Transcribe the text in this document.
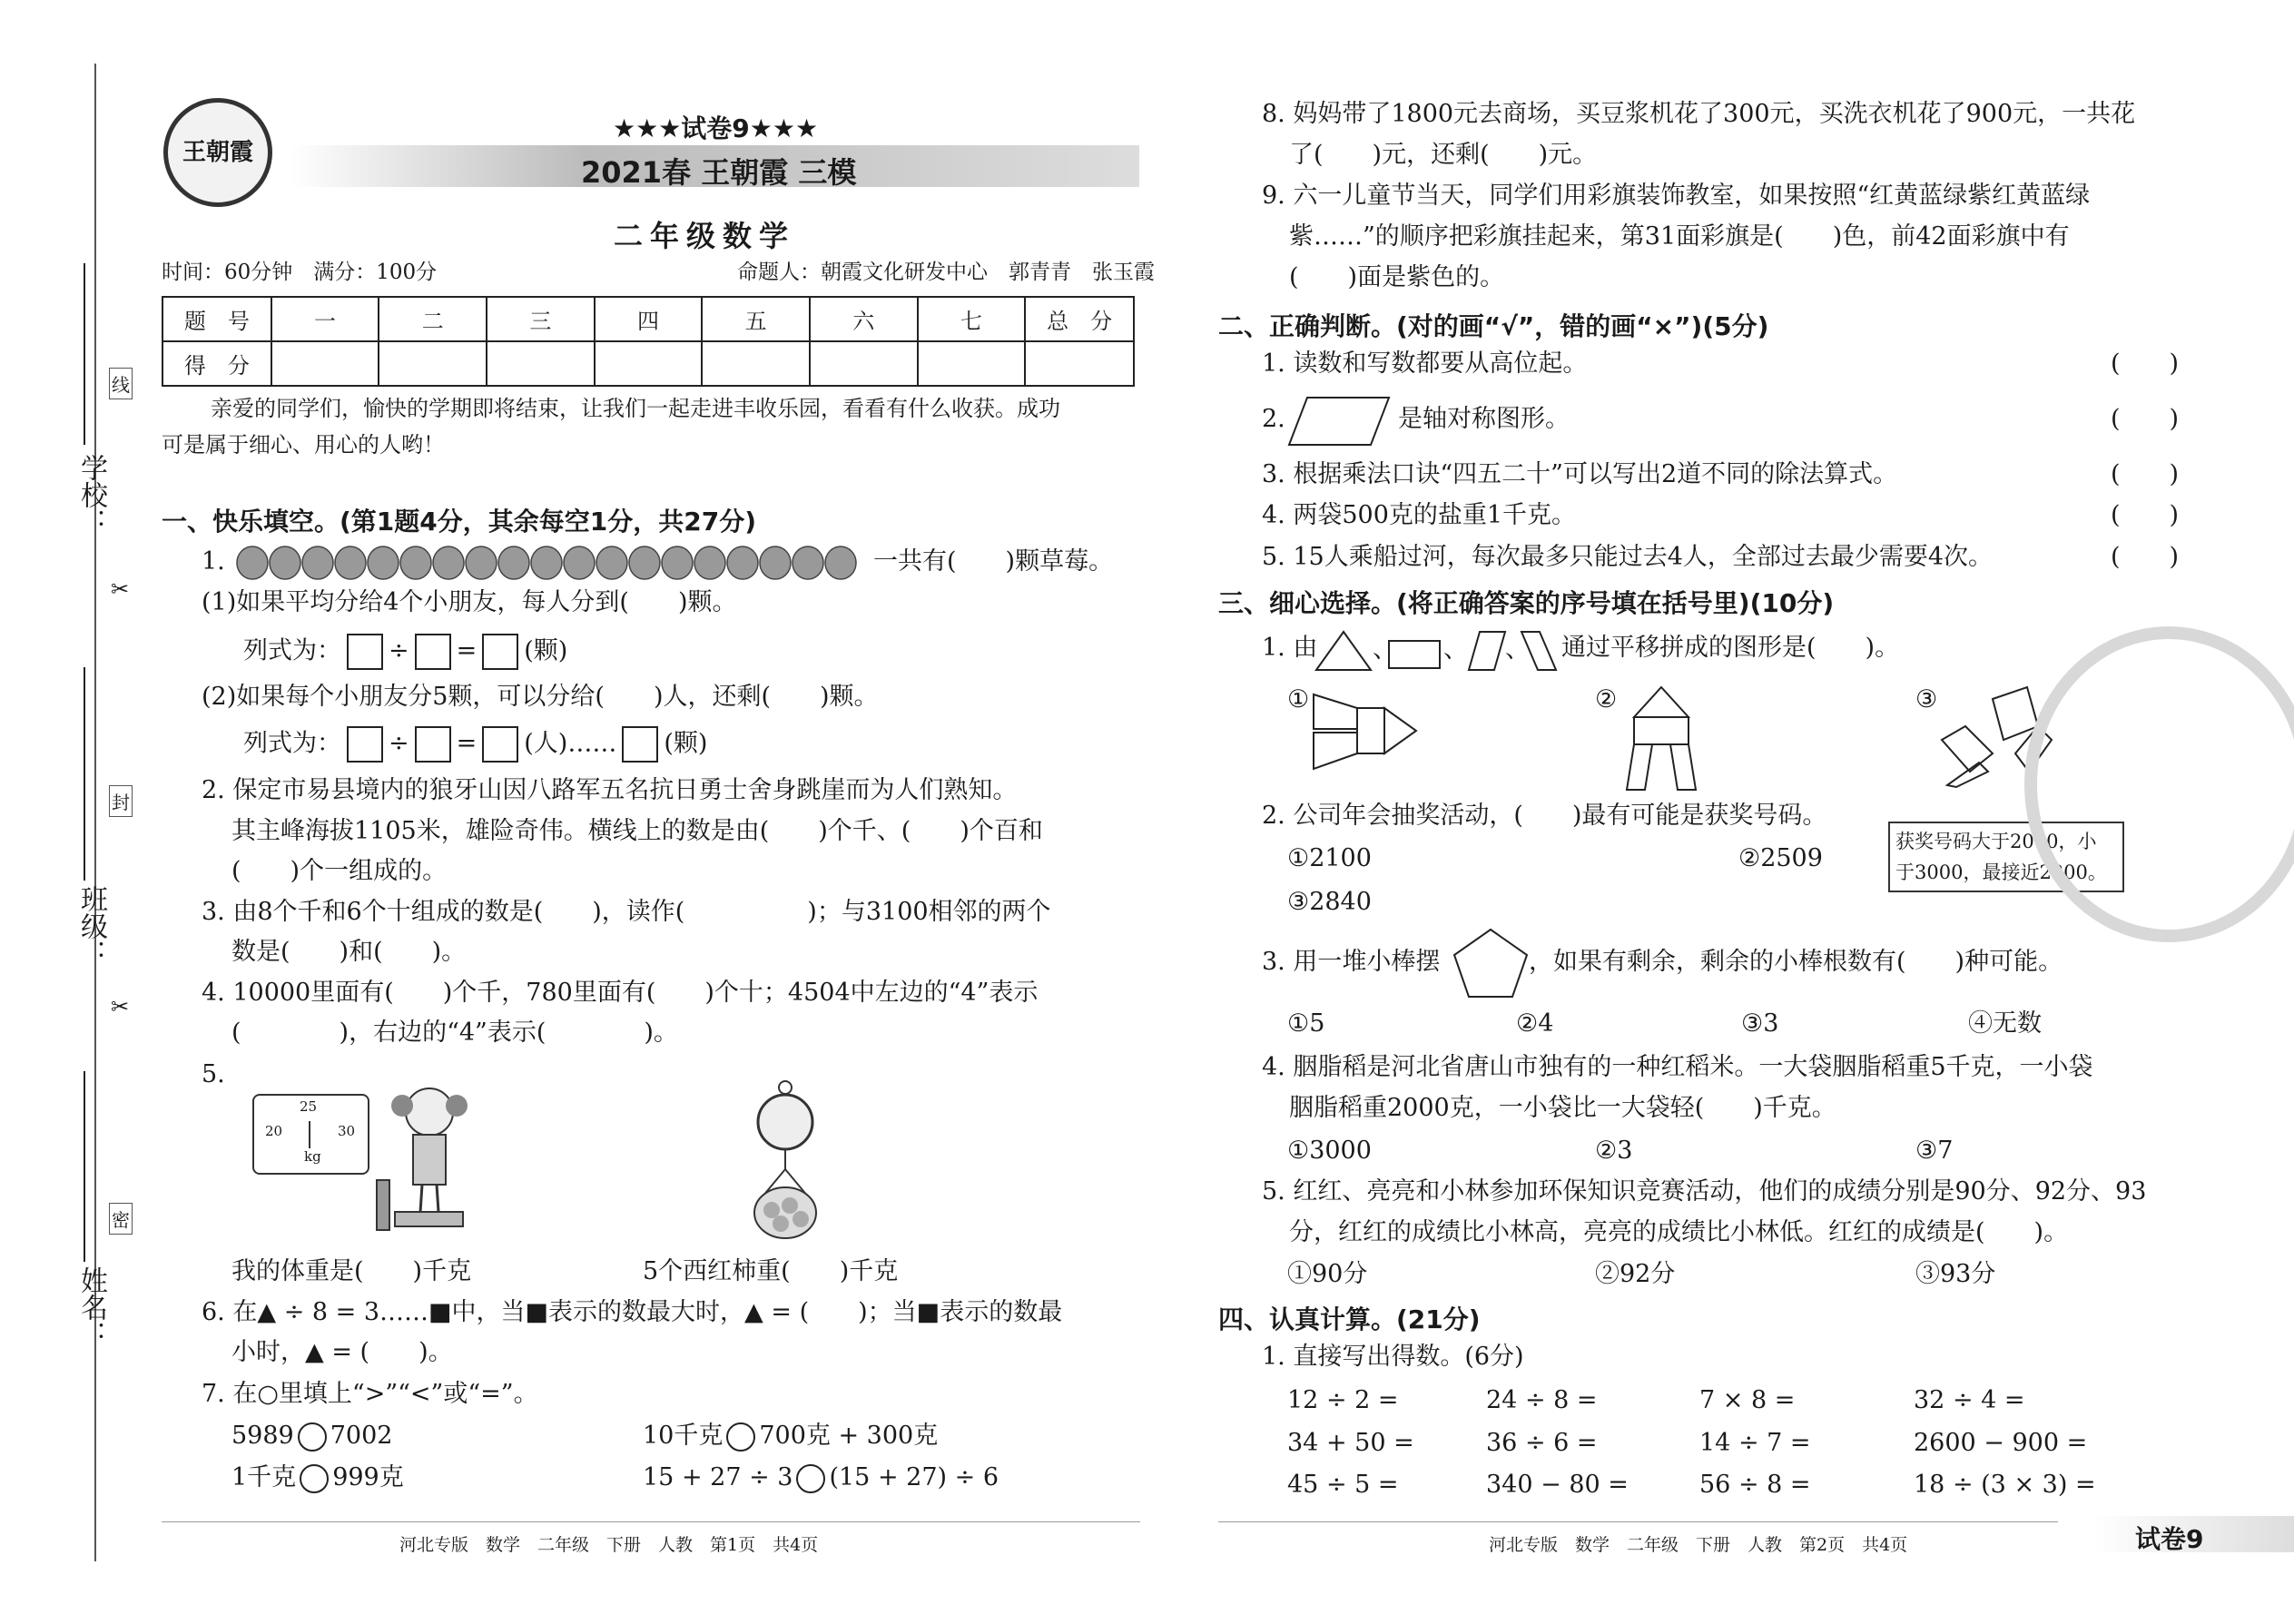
学校：
班级：
姓名：
线
封
密
✂
✂
王朝霞
★★★试卷9★★★
2021春 王朝霞 三模
二年级数学
时间：60分钟　满分：100分	命题人：朝霞文化研发中心　郭青青　张玉霞
题　号	一	二	三	四	五	六	七	总　分
得　分								
亲爱的同学们，愉快的学期即将结束，让我们一起走进丰收乐园，看看有什么收获。成功
可是属于细心、用心的人哟！
一、快乐填空。(第1题4分，其余每空1分，共27分)
1.	一共有(　　)颗草莓。
(1)如果平均分给4个小朋友，每人分到(　　)颗。
列式为： ÷ = (颗)
(2)如果每个小朋友分5颗，可以分给(　　)人，还剩(　　)颗。
列式为： ÷ = (人)…… (颗)
2. 保定市易县境内的狼牙山因八路军五名抗日勇士舍身跳崖而为人们熟知。
其主峰海拔1105米，雄险奇伟。横线上的数是由(　　)个千、(　　)个百和
(　　)个一组成的。
3. 由8个千和6个十组成的数是(　　)，读作(　　　　　)；与3100相邻的两个
数是(　　)和(　　)。
4. 10000里面有(　　)个千，780里面有(　　)个十；4504中左边的“4”表示
(　　　　)，右边的“4”表示(　　　　)。
5.
25
20	30
kg
我的体重是(　　)千克	5个西红柿重(　　)千克
6. 在▲ ÷ 8 = 3……■中，当■表示的数最大时，▲ = (　　)；当■表示的数最
小时，▲ = (　　)。
7. 在○里填上“>”“<”或“=”。
5989 7002	10千克 700克 + 300克
1千克 999克	15 + 27 ÷ 3 (15 + 27) ÷ 6
河北专版　数学　二年级　下册　人教　第1页　共4页
8. 妈妈带了1800元去商场，买豆浆机花了300元，买洗衣机花了900元，一共花
了(　　)元，还剩(　　)元。
9. 六一儿童节当天，同学们用彩旗装饰教室，如果按照“红黄蓝绿紫红黄蓝绿
紫……”的顺序把彩旗挂起来，第31面彩旗是(　　)色，前42面彩旗中有
(　　)面是紫色的。
二、正确判断。(对的画“√”，错的画“×”)(5分)
1. 读数和写数都要从高位起。
2.	是轴对称图形。
3. 根据乘法口诀“四五二十”可以写出2道不同的除法算式。
4. 两袋500克的盐重1千克。
5. 15人乘船过河，每次最多只能过去4人，全部过去最少需要4次。
(　　)
(　　)
(　　)
(　　)
(　　)
三、细心选择。(将正确答案的序号填在括号里)(10分)
1. 由 、 、 、 通过平移拼成的图形是(　　)。
①	②	③
2. 公司年会抽奖活动，(　　)最有可能是获奖号码。
①2100	②2509
③2840
获奖号码大于2000，小
于3000，最接近2800。
3. 用一堆小棒摆	，如果有剩余，剩余的小棒根数有(　　)种可能。
①5	②4	③3	④无数
4. 胭脂稻是河北省唐山市独有的一种红稻米。一大袋胭脂稻重5千克，一小袋
胭脂稻重2000克，一小袋比一大袋轻(　　)千克。
①3000	②3	③7
5. 红红、亮亮和小林参加环保知识竞赛活动，他们的成绩分别是90分、92分、93
分，红红的成绩比小林高，亮亮的成绩比小林低。红红的成绩是(　　)。
①90分	②92分	③93分
四、认真计算。(21分)
1. 直接写出得数。(6分)
12 ÷ 2 =	24 ÷ 8 =	7 × 8 =	32 ÷ 4 =
34 + 50 =	36 ÷ 6 =	14 ÷ 7 =	2600 − 900 =
45 ÷ 5 =	340 − 80 =	56 ÷ 8 =	18 ÷ (3 × 3) =
河北专版　数学　二年级　下册　人教　第2页　共4页	试卷9
